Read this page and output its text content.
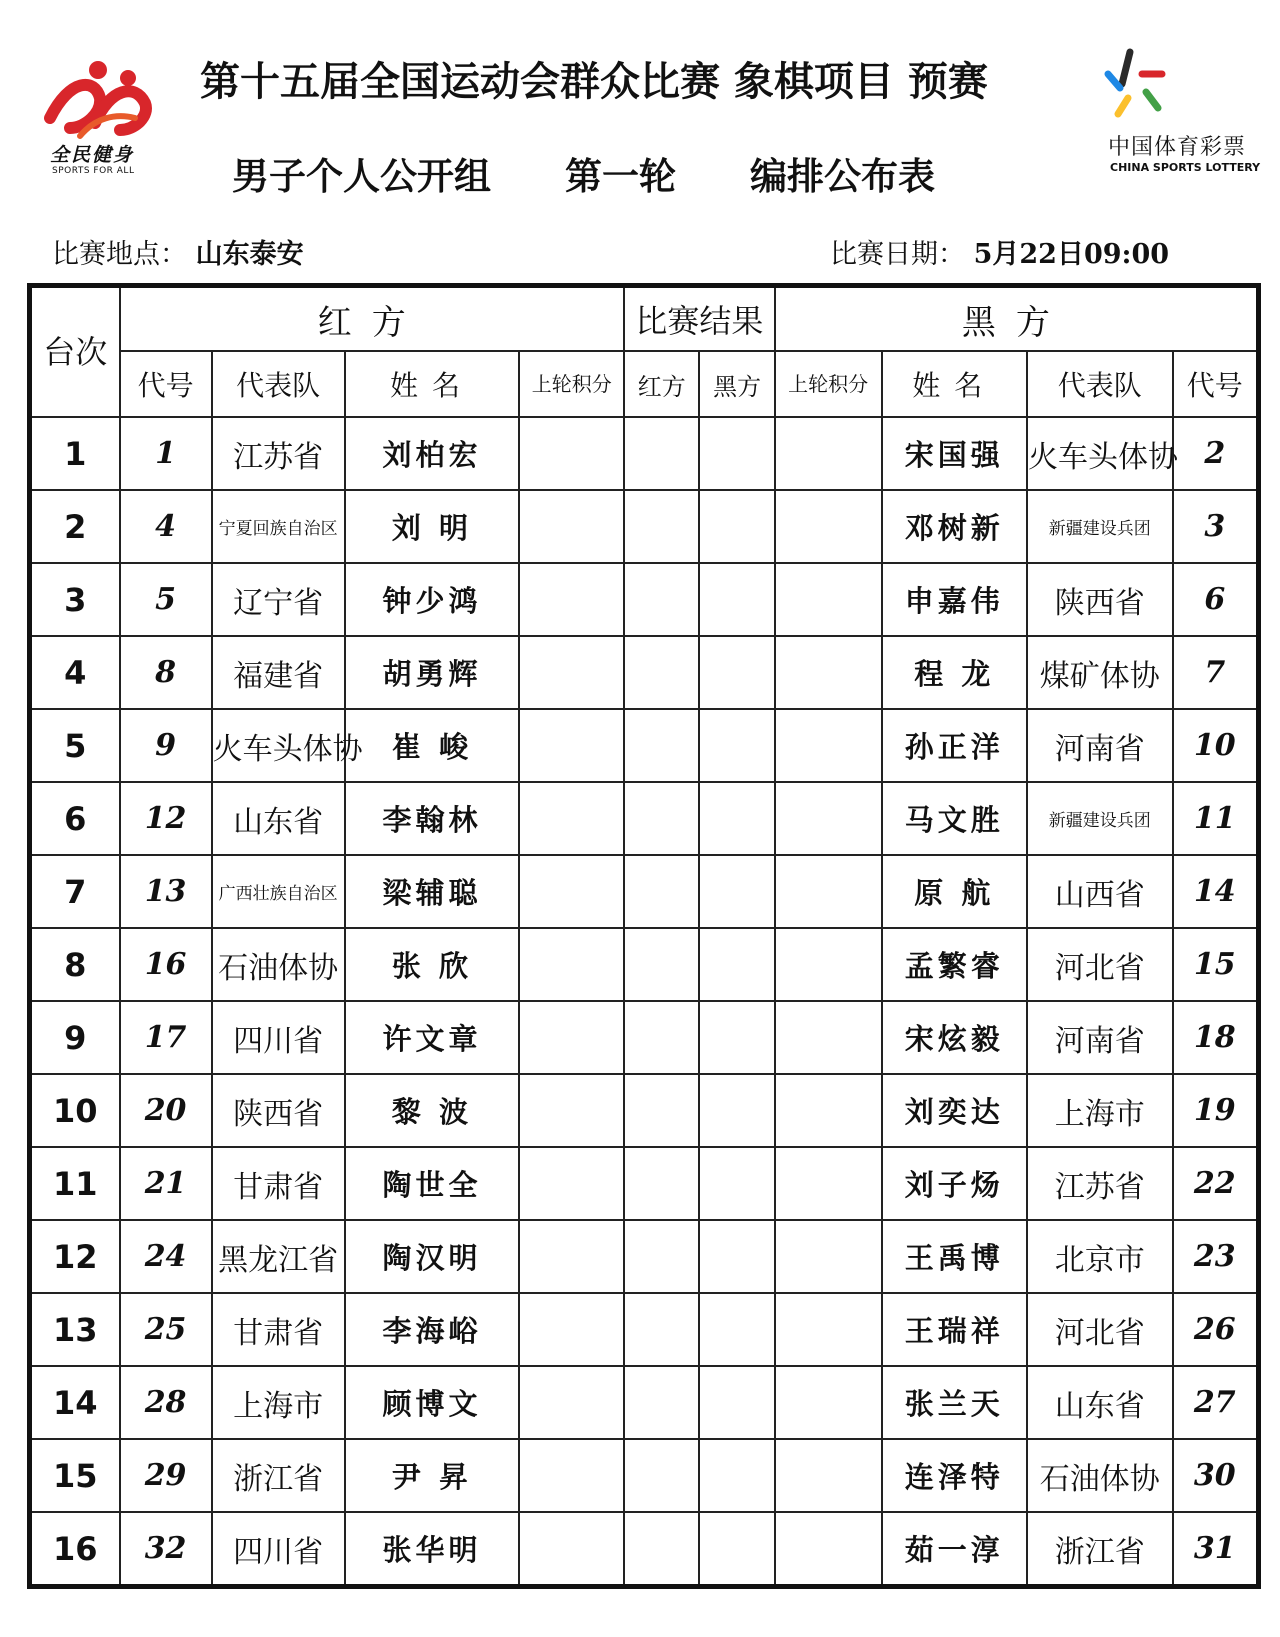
全民健身
SPORTS FOR ALL
中国体育彩票
CHINA SPORTS LOTTERY
第十五届全国运动会群众比赛 象棋项目 预赛
男子个人公开组 第一轮 编排公布表
比赛地点： 山东泰安	比赛日期： 5月22日09:00
台次	红方				比赛结果		黑方			
	代号	代表队	姓名	上轮积分	红方	黑方	上轮积分	姓名	代表队	代号
1	1	江苏省	刘柏宏					宋国强	火车头体协	2
2	4	宁夏回族自治区	刘 明					邓树新	新疆建设兵团	3
3	5	辽宁省	钟少鸿					申嘉伟	陕西省	6
4	8	福建省	胡勇辉					程 龙	煤矿体协	7
5	9	火车头体协	崔 峻					孙正洋	河南省	10
6	12	山东省	李翰林					马文胜	新疆建设兵团	11
7	13	广西壮族自治区	梁辅聪					原 航	山西省	14
8	16	石油体协	张 欣					孟繁睿	河北省	15
9	17	四川省	许文章					宋炫毅	河南省	18
10	20	陕西省	黎 波					刘奕达	上海市	19
11	21	甘肃省	陶世全					刘子炀	江苏省	22
12	24	黑龙江省	陶汉明					王禹博	北京市	23
13	25	甘肃省	李海峪					王瑞祥	河北省	26
14	28	上海市	顾博文					张兰天	山东省	27
15	29	浙江省	尹 昇					连泽特	石油体协	30
16	32	四川省	张华明					茹一淳	浙江省	31
